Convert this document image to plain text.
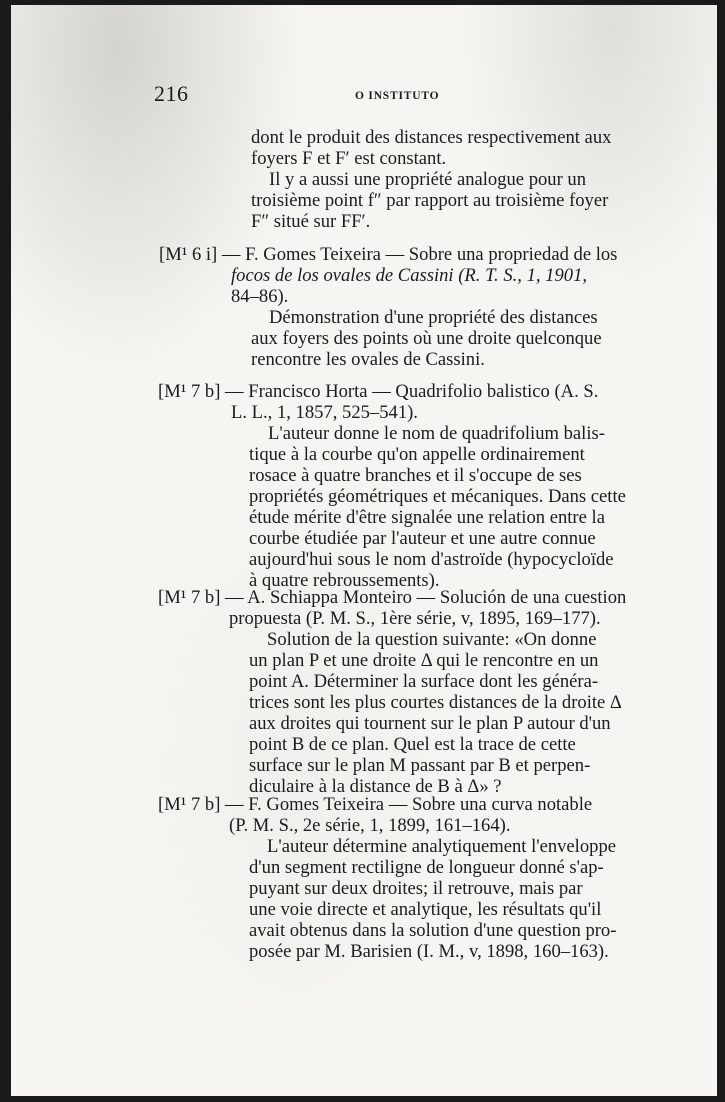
216	O INSTITUTO
dont le produit des distances respectivement aux
foyers F et F′ est constant.
Il y a aussi une propriété analogue pour un
troisième point f″ par rapport au troisième foyer
F″ situé sur FF′.
[M¹ 6 i] — F. Gomes Teixeira — Sobre una propriedad de los
focos de los ovales de Cassini (R. T. S., 1, 1901,
84–86).
Démonstration d'une propriété des distances
aux foyers des points où une droite quelconque
rencontre les ovales de Cassini.
[M¹ 7 b] — Francisco Horta — Quadrifolio balistico (A. S.
L. L., 1, 1857, 525–541).
L'auteur donne le nom de quadrifolium balis-
tique à la courbe qu'on appelle ordinairement
rosace à quatre branches et il s'occupe de ses
propriétés géométriques et mécaniques. Dans cette
étude mérite d'être signalée une relation entre la
courbe étudiée par l'auteur et une autre connue
aujourd'hui sous le nom d'astroïde (hypocycloïde
à quatre rebroussements).
[M¹ 7 b] — A. Schiappa Monteiro — Solución de una cuestion
propuesta (P. M. S., 1ère série, v, 1895, 169–177).
Solution de la question suivante: «On donne
un plan P et une droite Δ qui le rencontre en un
point A. Déterminer la surface dont les généra-
trices sont les plus courtes distances de la droite Δ
aux droites qui tournent sur le plan P autour d'un
point B de ce plan. Quel est la trace de cette
surface sur le plan M passant par B et perpen-
diculaire à la distance de B à Δ» ?
[M¹ 7 b] — F. Gomes Teixeira — Sobre una curva notable
(P. M. S., 2e série, 1, 1899, 161–164).
L'auteur détermine analytiquement l'enveloppe
d'un segment rectiligne de longueur donné s'ap-
puyant sur deux droites; il retrouve, mais par
une voie directe et analytique, les résultats qu'il
avait obtenus dans la solution d'une question pro-
posée par M. Barisien (I. M., v, 1898, 160–163).
